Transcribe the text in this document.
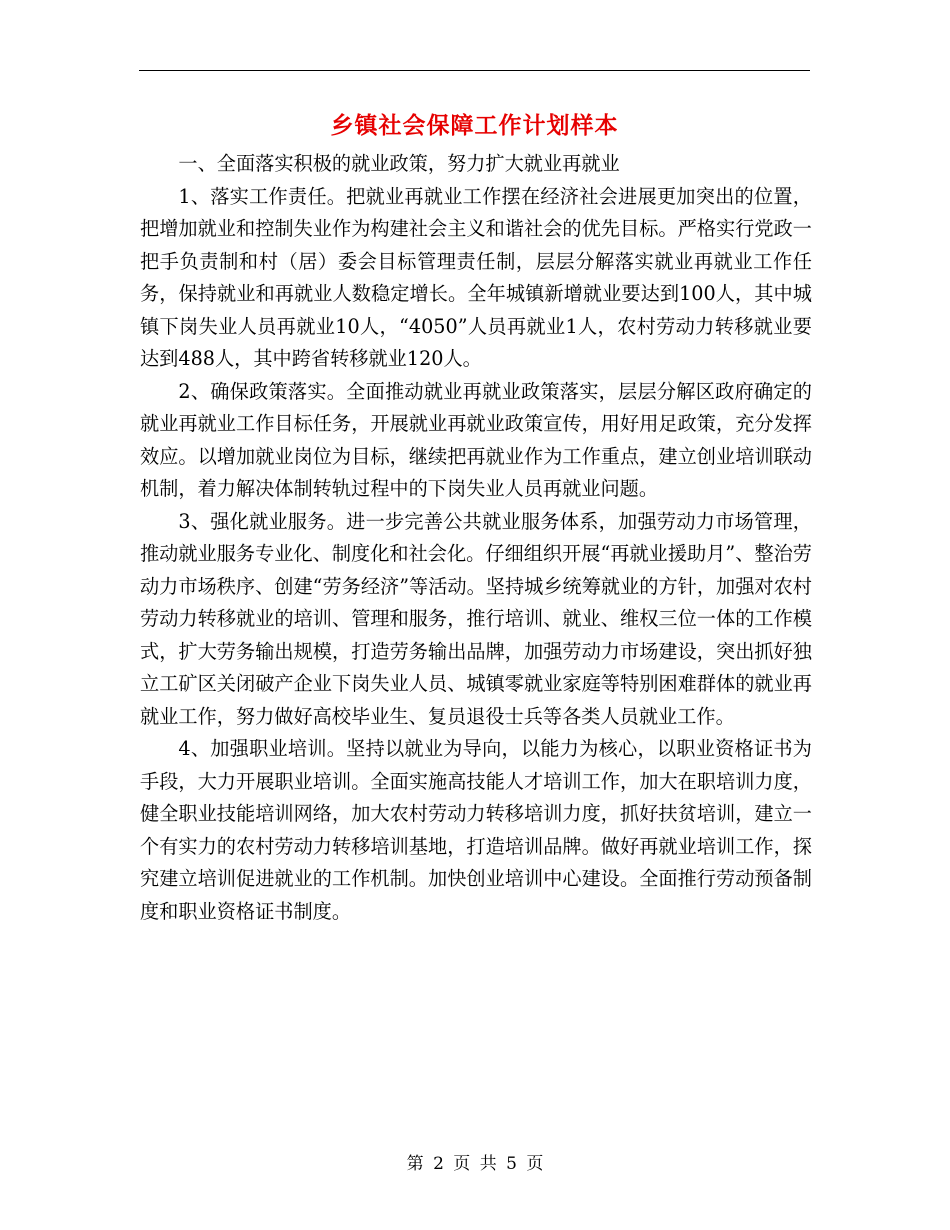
乡镇社会保障工作计划样本

一、全面落实积极的就业政策，努力扩大就业再就业

1、落实工作责任。把就业再就业工作摆在经济社会进展更加突出的位置，把增加就业和控制失业作为构建社会主义和谐社会的优先目标。严格实行党政一把手负责制和村（居）委会目标管理责任制，层层分解落实就业再就业工作任务，保持就业和再就业人数稳定增长。全年城镇新增就业要达到100人，其中城镇下岗失业人员再就业10人，“4050”人员再就业1人，农村劳动力转移就业要达到488人，其中跨省转移就业120人。

2、确保政策落实。全面推动就业再就业政策落实，层层分解区政府确定的就业再就业工作目标任务，开展就业再就业政策宣传，用好用足政策，充分发挥效应。以增加就业岗位为目标，继续把再就业作为工作重点，建立创业培训联动机制，着力解决体制转轨过程中的下岗失业人员再就业问题。

3、强化就业服务。进一步完善公共就业服务体系，加强劳动力市场管理，推动就业服务专业化、制度化和社会化。仔细组织开展“再就业援助月”、整治劳动力市场秩序、创建“劳务经济”等活动。坚持城乡统筹就业的方针，加强对农村劳动力转移就业的培训、管理和服务，推行培训、就业、维权三位一体的工作模式，扩大劳务输出规模，打造劳务输出品牌，加强劳动力市场建设，突出抓好独立工矿区关闭破产企业下岗失业人员、城镇零就业家庭等特别困难群体的就业再就业工作，努力做好高校毕业生、复员退役士兵等各类人员就业工作。

4、加强职业培训。坚持以就业为导向，以能力为核心，以职业资格证书为手段，大力开展职业培训。全面实施高技能人才培训工作，加大在职培训力度，健全职业技能培训网络，加大农村劳动力转移培训力度，抓好扶贫培训，建立一个有实力的农村劳动力转移培训基地，打造培训品牌。做好再就业培训工作，探究建立培训促进就业的工作机制。加快创业培训中心建设。全面推行劳动预备制度和职业资格证书制度。

第 2 页 共 5 页
